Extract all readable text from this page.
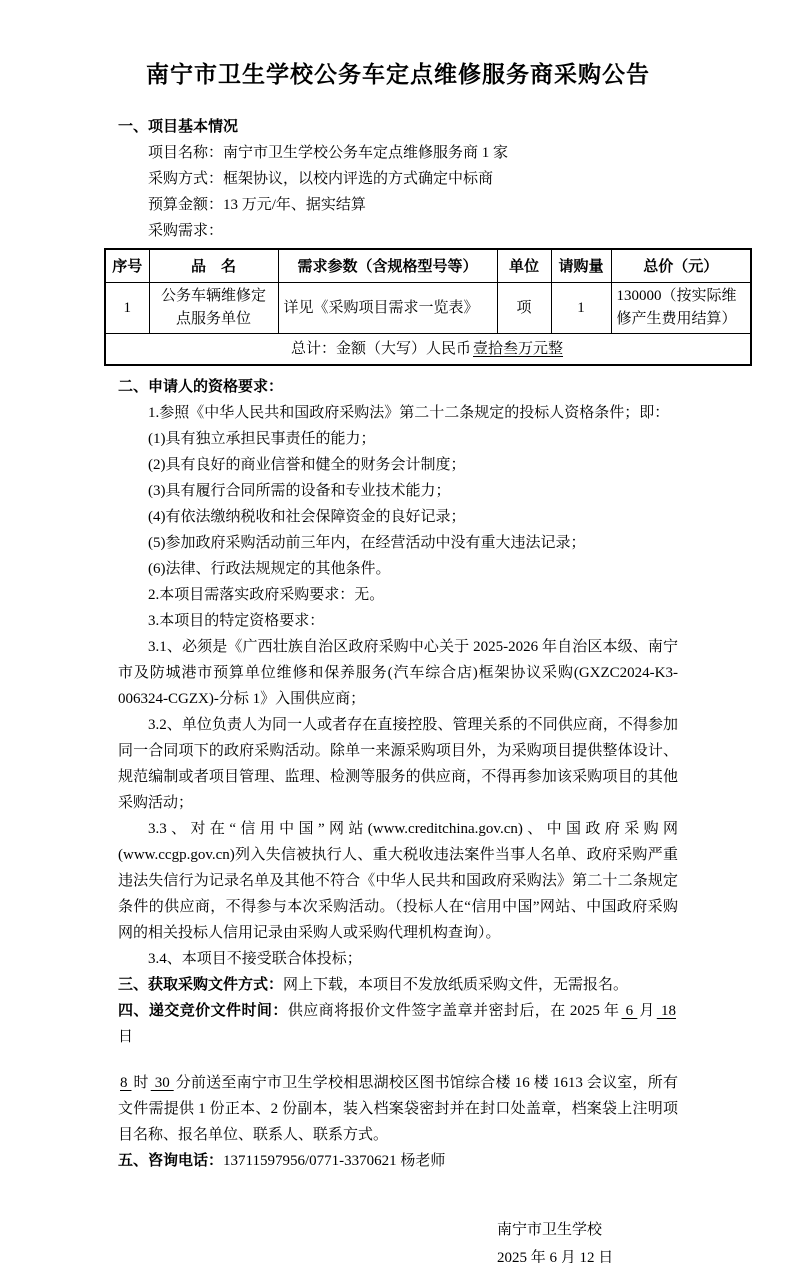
南宁市卫生学校公务车定点维修服务商采购公告

一、项目基本情况

项目名称：南宁市卫生学校公务车定点维修服务商 1 家

采购方式：框架协议，以校内评选的方式确定中标商

预算金额：13 万元/年、据实结算

采购需求：

序号	品　名	需求参数（含规格型号等）	单位	请购量	总价（元）
1	公务车辆维修定点服务单位	详见《采购项目需求一览表》	项	1	130000（按实际维修产生费用结算）
总计：金额（大写）人民币 壹拾叁万元整					

二、申请人的资格要求：

1.参照《中华人民共和国政府采购法》第二十二条规定的投标人资格条件；即：

(1)具有独立承担民事责任的能力；

(2)具有良好的商业信誉和健全的财务会计制度；

(3)具有履行合同所需的设备和专业技术能力；

(4)有依法缴纳税收和社会保障资金的良好记录；

(5)参加政府采购活动前三年内，在经营活动中没有重大违法记录；

(6)法律、行政法规规定的其他条件。

2.本项目需落实政府采购要求：无。

3.本项目的特定资格要求：

3.1、必须是《广西壮族自治区政府采购中心关于 2025-2026 年自治区本级、南宁市及防城港市预算单位维修和保养服务(汽车综合店)框架协议采购(GXZC2024-K3-006324-CGZX)-分标 1》入围供应商；

3.2、单位负责人为同一人或者存在直接控股、管理关系的不同供应商，不得参加同一合同项下的政府采购活动。除单一来源采购项目外，为采购项目提供整体设计、规范编制或者项目管理、监理、检测等服务的供应商，不得再参加该采购项目的其他采购活动；

3.3、对在“信用中国”网站(www.creditchina.gov.cn)、中国政府采购网(www.ccgp.gov.cn)列入失信被执行人、重大税收违法案件当事人名单、政府采购严重违法失信行为记录名单及其他不符合《中华人民共和国政府采购法》第二十二条规定条件的供应商，不得参与本次采购活动。（投标人在“信用中国”网站、中国政府采购网的相关投标人信用记录由采购人或采购代理机构查询）。

3.4、本项目不接受联合体投标；

三、获取采购文件方式：网上下载，本项目不发放纸质采购文件，无需报名。

四、递交竞价文件时间：供应商将报价文件签字盖章并密封后，在 2025 年 6 月 18 日

8 时 30 分前送至南宁市卫生学校相思湖校区图书馆综合楼 16 楼 1613 会议室，所有文件需提供 1 份正本、2 份副本，装入档案袋密封并在封口处盖章，档案袋上注明项目名称、报名单位、联系人、联系方式。

五、咨询电话：13711597956/0771-3370621 杨老师

南宁市卫生学校

2025 年 6 月 12 日
